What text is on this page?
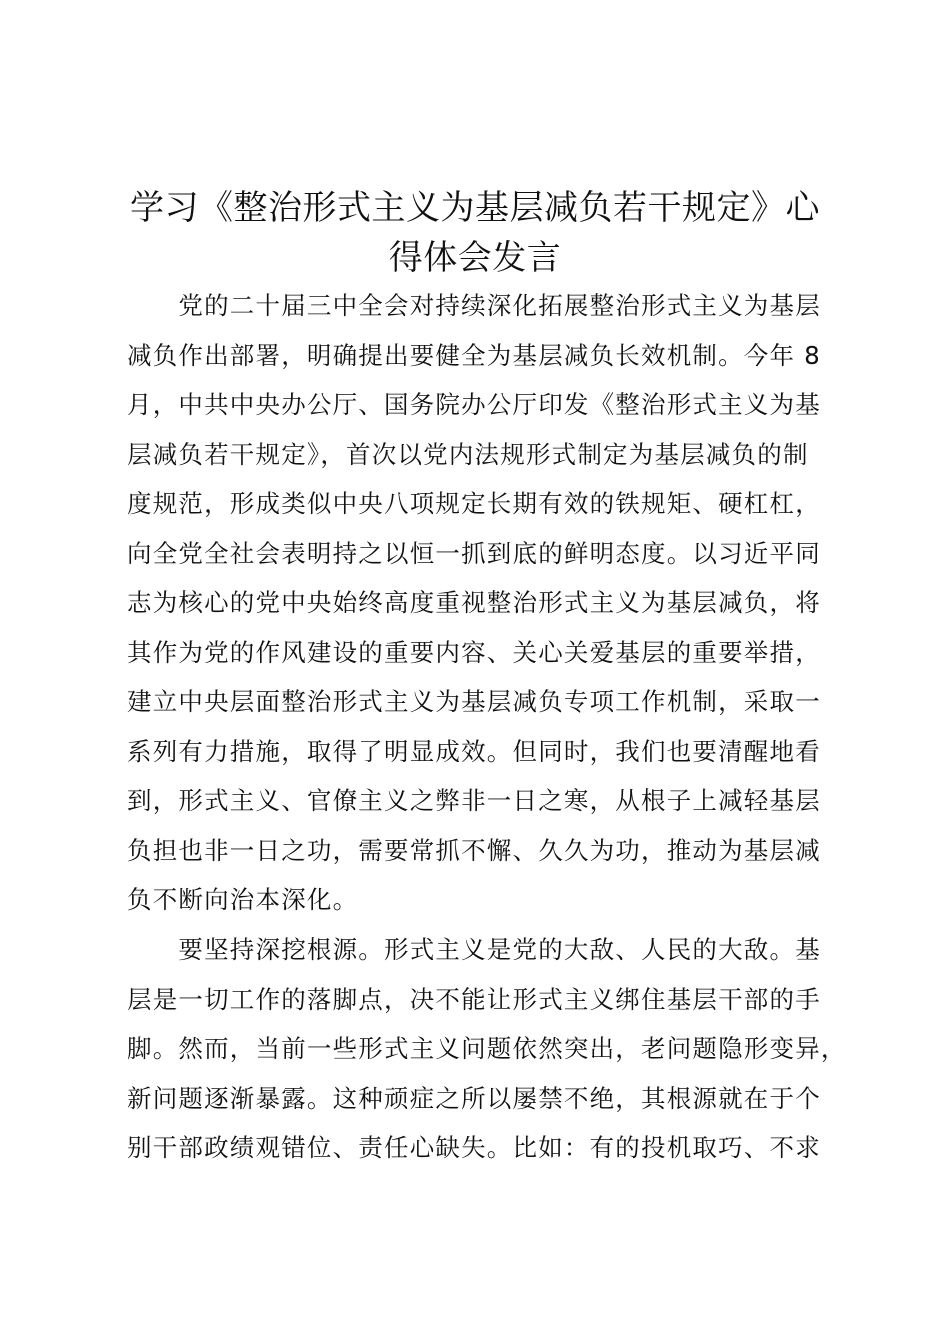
学习《整治形式主义为基层减负若干规定》心
得体会发言

　　党的二十届三中全会对持续深化拓展整治形式主义为基层
减负作出部署，明确提出要健全为基层减负长效机制。今年 8
月，中共中央办公厅、国务院办公厅印发《整治形式主义为基
层减负若干规定》，首次以党内法规形式制定为基层减负的制
度规范，形成类似中央八项规定长期有效的铁规矩、硬杠杠，
向全党全社会表明持之以恒一抓到底的鲜明态度。以习近平同
志为核心的党中央始终高度重视整治形式主义为基层减负，将
其作为党的作风建设的重要内容、关心关爱基层的重要举措，
建立中央层面整治形式主义为基层减负专项工作机制，采取一
系列有力措施，取得了明显成效。但同时，我们也要清醒地看
到，形式主义、官僚主义之弊非一日之寒，从根子上减轻基层
负担也非一日之功，需要常抓不懈、久久为功，推动为基层减
负不断向治本深化。

　　要坚持深挖根源。形式主义是党的大敌、人民的大敌。基
层是一切工作的落脚点，决不能让形式主义绑住基层干部的手
脚。然而，当前一些形式主义问题依然突出，老问题隐形变异，
新问题逐渐暴露。这种顽症之所以屡禁不绝，其根源就在于个
别干部政绩观错位、责任心缺失。比如：有的投机取巧、不求
